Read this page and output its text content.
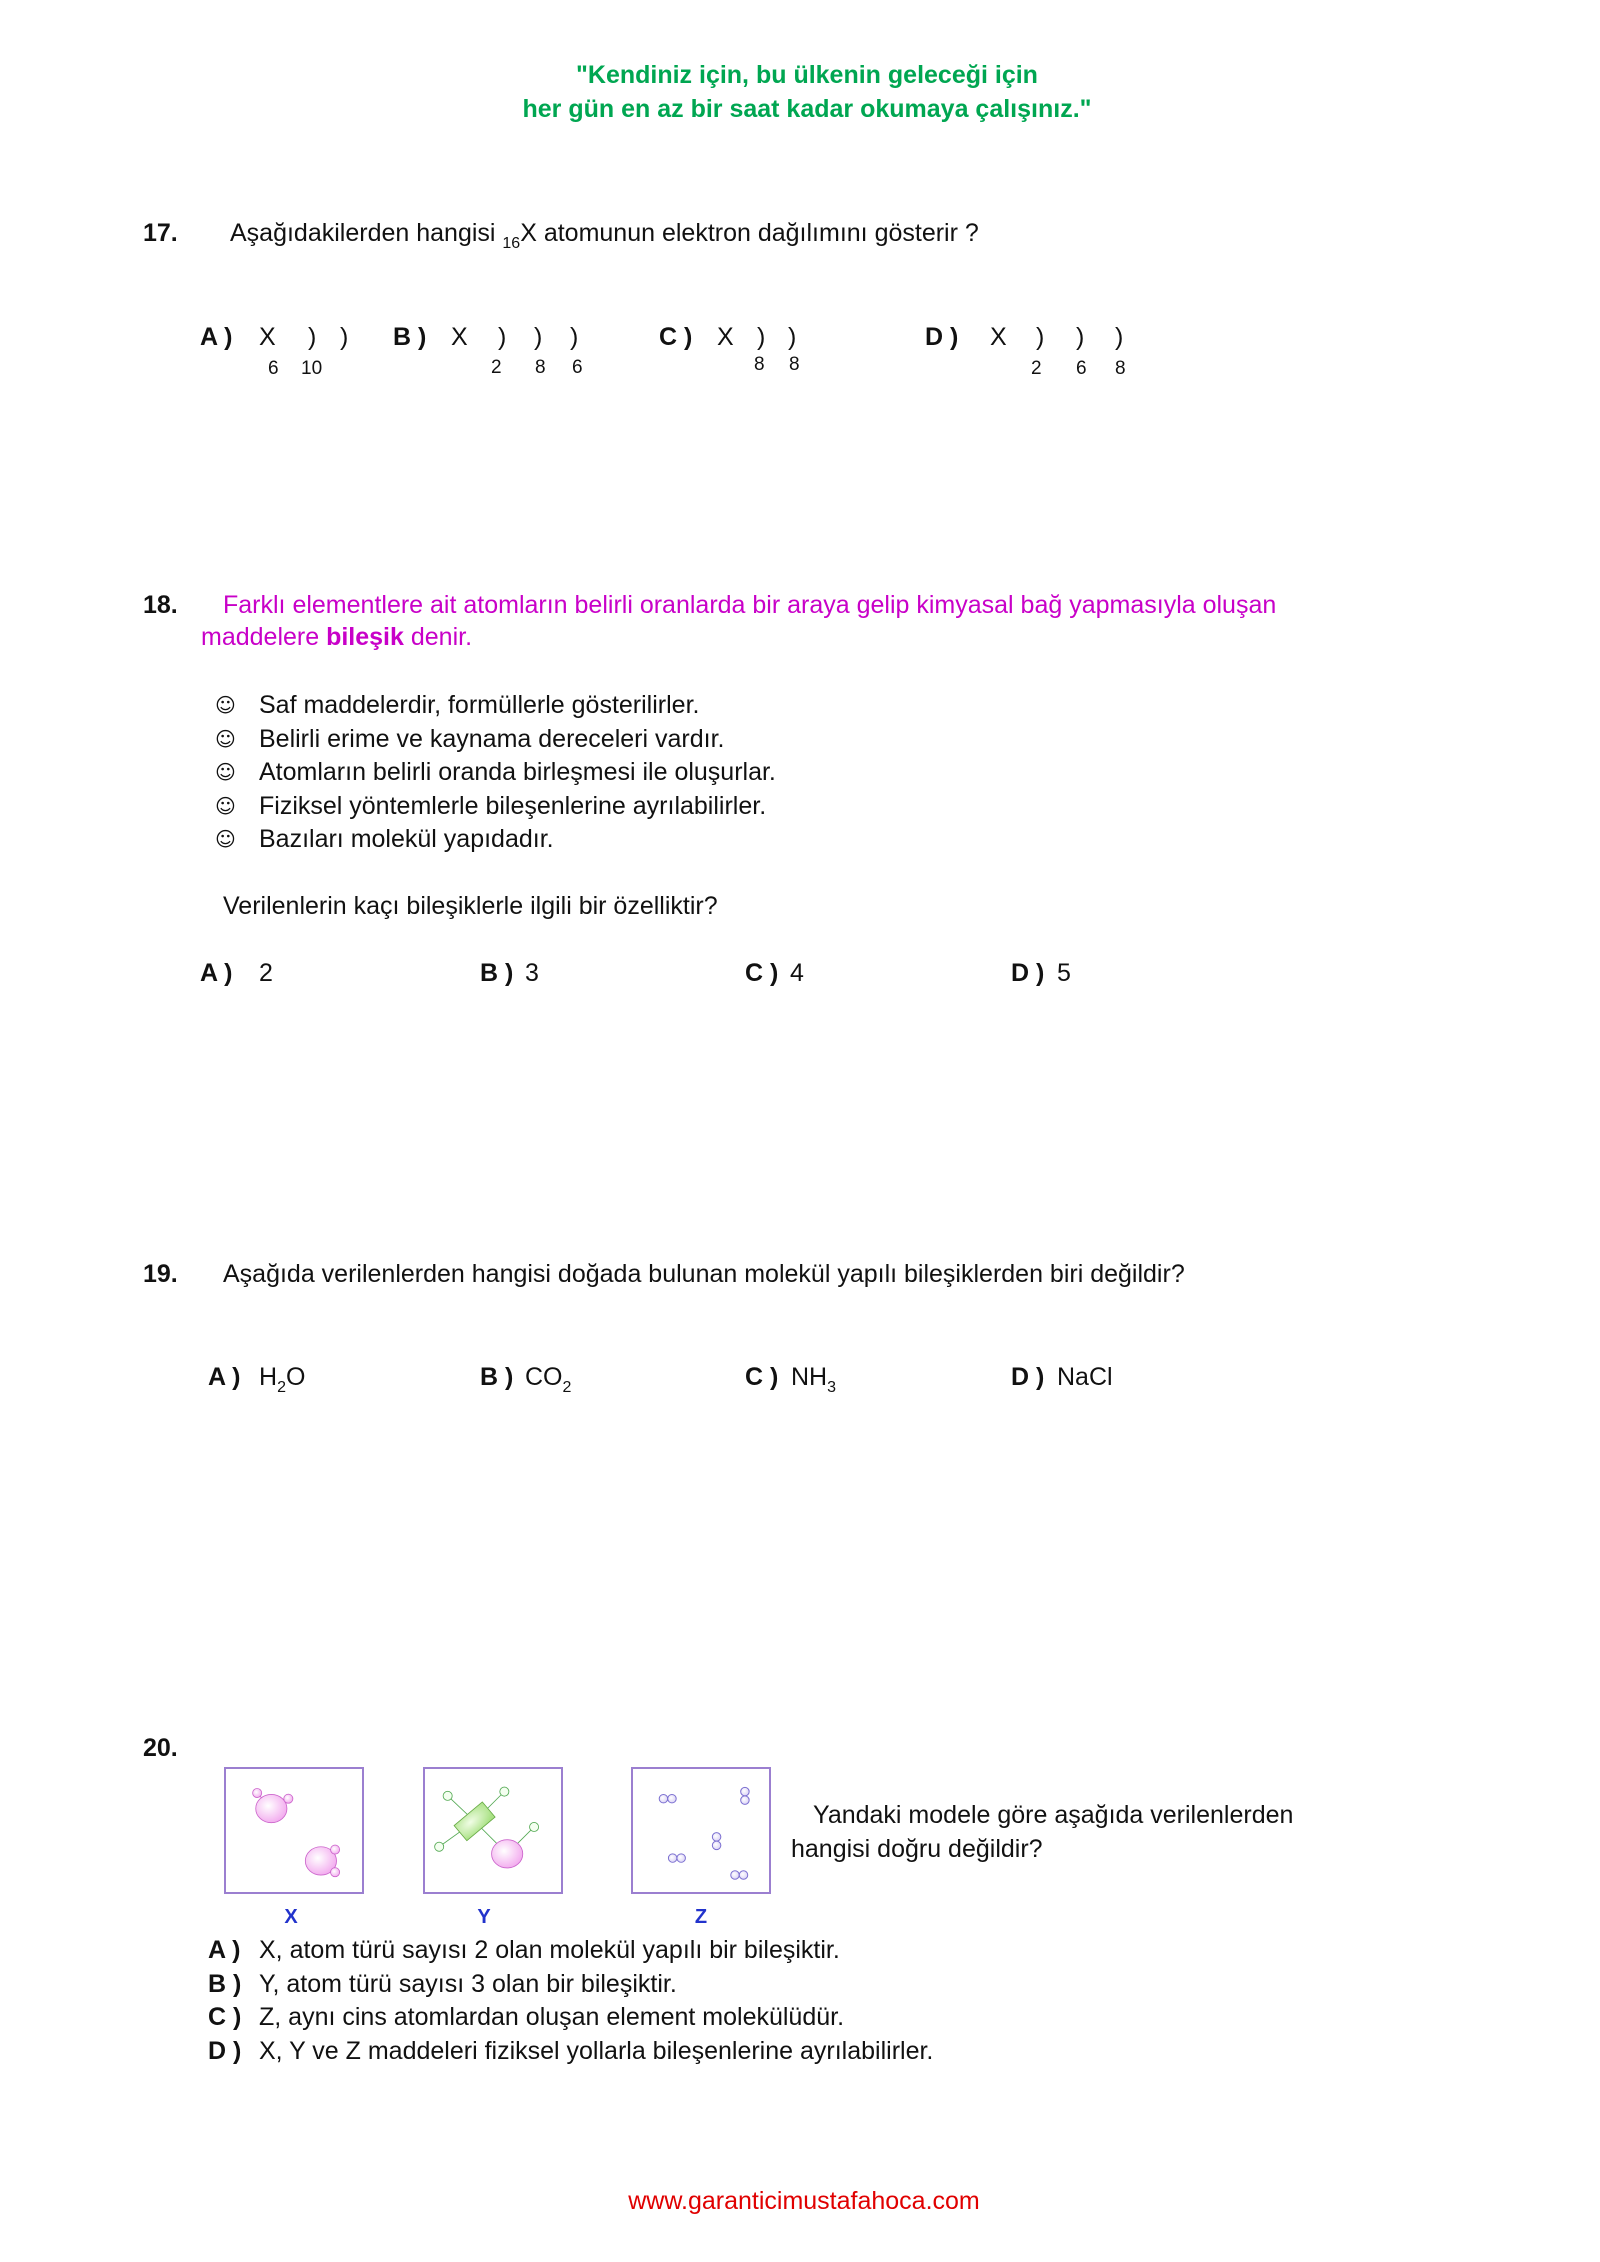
"Kendiniz için, bu ülkenin geleceği için
her gün en az bir saat kadar okumaya çalışınız."
17. Aşağıdakilerden hangisi $_{16}$X atomunun elektron dağılımını gösterir ?
A ) X ) )
6 10
B ) X ) ) )
2 8 6
C ) X ) )
8 8
D ) X ) ) )
2 6 8
18. Farklı elementlere ait atomların belirli oranlarda bir araya gelip kimyasal bağ yapmasıyla oluşan
maddelere bileşik denir.
☺ Saf maddelerdir, formüllerle gösterilirler.
☺ Belirli erime ve kaynama dereceleri vardır.
☺ Atomların belirli oranda birleşmesi ile oluşurlar.
☺ Fiziksel yöntemlerle bileşenlerine ayrılabilirler.
☺ Bazıları molekül yapıdadır.
Verilenlerin kaçı bileşiklerle ilgili bir özelliktir?
A ) 2	B ) 3	C ) 4	D ) 5
19. Aşağıda verilenlerden hangisi doğada bulunan molekül yapılı bileşiklerden biri değildir?
A ) $H_2O$	B ) $CO_2$	C ) $NH_3$	D ) NaCl
20.
X	Y	Z
Yandaki modele göre aşağıda verilenlerden
hangisi doğru değildir?
A ) X, atom türü sayısı 2 olan molekül yapılı bir bileşiktir.
B ) Y, atom türü sayısı 3 olan bir bileşiktir.
C ) Z, aynı cins atomlardan oluşan element molekülüdür.
D ) X, Y ve Z maddeleri fiziksel yollarla bileşenlerine ayrılabilirler.
www.garanticimustafahoca.com
